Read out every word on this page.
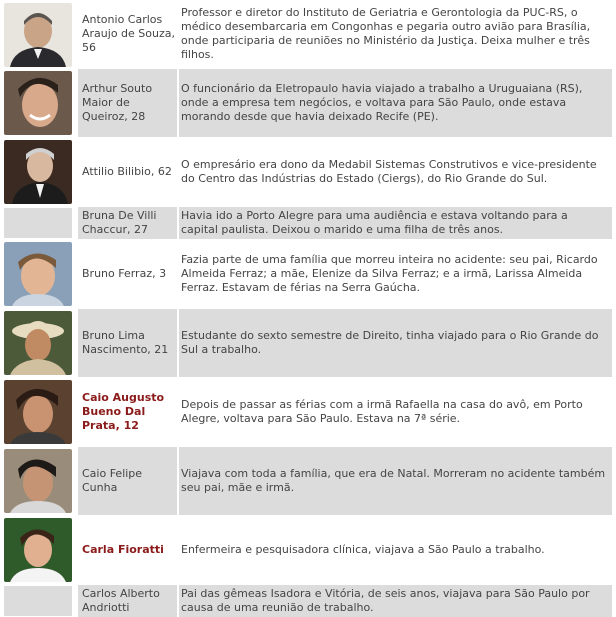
Antonio Carlos Araujo de Souza, 56
Professor e diretor do Instituto de Geriatria e Gerontologia da PUC-RS, o médico desembarcaria em Congonhas e pegaria outro avião para Brasília, onde participaria de reuniões no Ministério da Justiça. Deixa mulher e três filhos.
Arthur Souto Maior de Queiroz, 28
O funcionário da Eletropaulo havia viajado a trabalho a Uruguaiana (RS), onde a empresa tem negócios, e voltava para São Paulo, onde estava morando desde que havia deixado Recife (PE).
Attilio Bilibio, 62
O empresário era dono da Medabil Sistemas Construtivos e vice-presidente do Centro das Indústrias do Estado (Ciergs), do Rio Grande do Sul.
Bruna De Villi Chaccur, 27
Havia ido a Porto Alegre para uma audiência e estava voltando para a capital paulista. Deixou o marido e uma filha de três anos.
Bruno Ferraz, 3
Fazia parte de uma família que morreu inteira no acidente: seu pai, Ricardo Almeida Ferraz; a mãe, Elenize da Silva Ferraz; e a irmã, Larissa Almeida Ferraz. Estavam de férias na Serra Gaúcha.
Bruno Lima Nascimento, 21
Estudante do sexto semestre de Direito, tinha viajado para o Rio Grande do Sul a trabalho.
Caio Augusto Bueno Dal Prata, 12
Depois de passar as férias com a irmã Rafaella na casa do avô, em Porto Alegre, voltava para São Paulo. Estava na 7ª série.
Caio Felipe Cunha
Viajava com toda a família, que era de Natal. Morreram no acidente também seu pai, mãe e irmã.
Carla Fioratti	Enfermeira e pesquisadora clínica, viajava a São Paulo a trabalho.
Carlos Alberto Andriotti
Pai das gêmeas Isadora e Vitória, de seis anos, viajava para São Paulo por causa de uma reunião de trabalho.
